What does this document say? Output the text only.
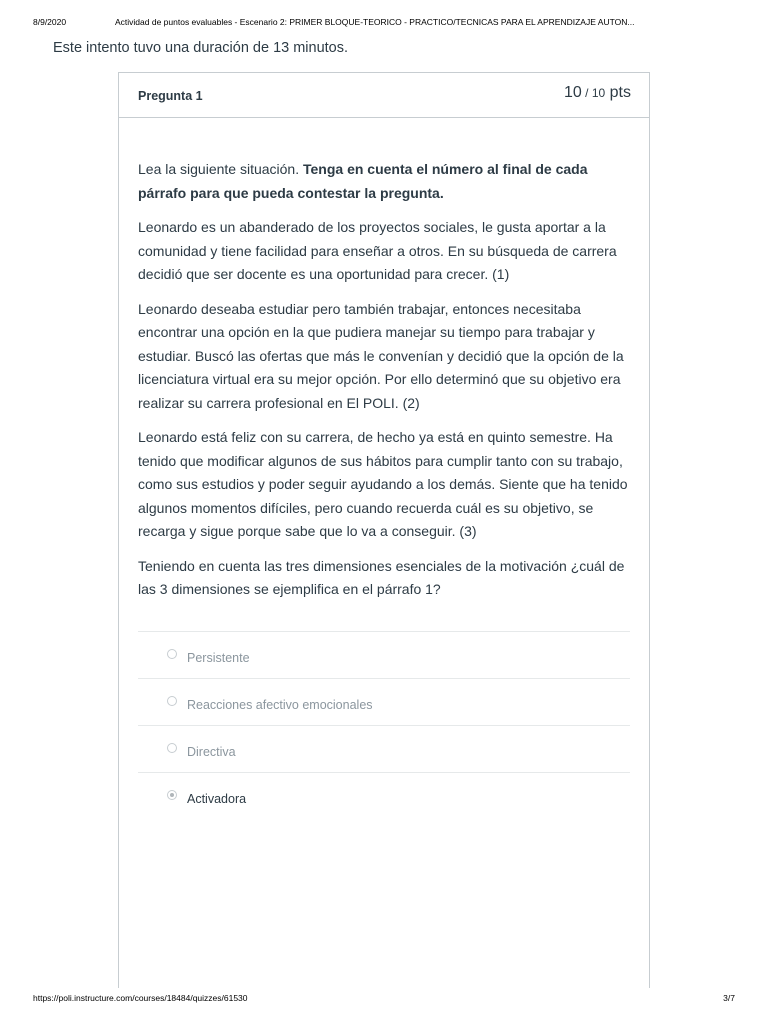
8/9/2020	Actividad de puntos evaluables - Escenario 2: PRIMER BLOQUE-TEORICO - PRACTICO/TECNICAS PARA EL APRENDIZAJE AUTON...
Este intento tuvo una duración de 13 minutos.
Pregunta 1	10 / 10 pts

Lea la siguiente situación. Tenga en cuenta el número al final de cada párrafo para que pueda contestar la pregunta.

Leonardo es un abanderado de los proyectos sociales, le gusta aportar a la comunidad y tiene facilidad para enseñar a otros. En su búsqueda de carrera decidió que ser docente es una oportunidad para crecer. (1)

Leonardo deseaba estudiar pero también trabajar, entonces necesitaba encontrar una opción en la que pudiera manejar su tiempo para trabajar y estudiar. Buscó las ofertas que más le convenían y decidió que la opción de la licenciatura virtual era su mejor opción. Por ello determinó que su objetivo era realizar su carrera profesional en El POLI. (2)

Leonardo está feliz con su carrera, de hecho ya está en quinto semestre. Ha tenido que modificar algunos de sus hábitos para cumplir tanto con su trabajo, como sus estudios y poder seguir ayudando a los demás. Siente que ha tenido algunos momentos difíciles, pero cuando recuerda cuál es su objetivo, se recarga y sigue porque sabe que lo va a conseguir. (3)

Teniendo en cuenta las tres dimensiones esenciales de la motivación ¿cuál de las 3 dimensiones se ejemplifica en el párrafo 1?

Persistente
Reacciones afectivo emocionales
Directiva
Activadora
https://poli.instructure.com/courses/18484/quizzes/61530	3/7
